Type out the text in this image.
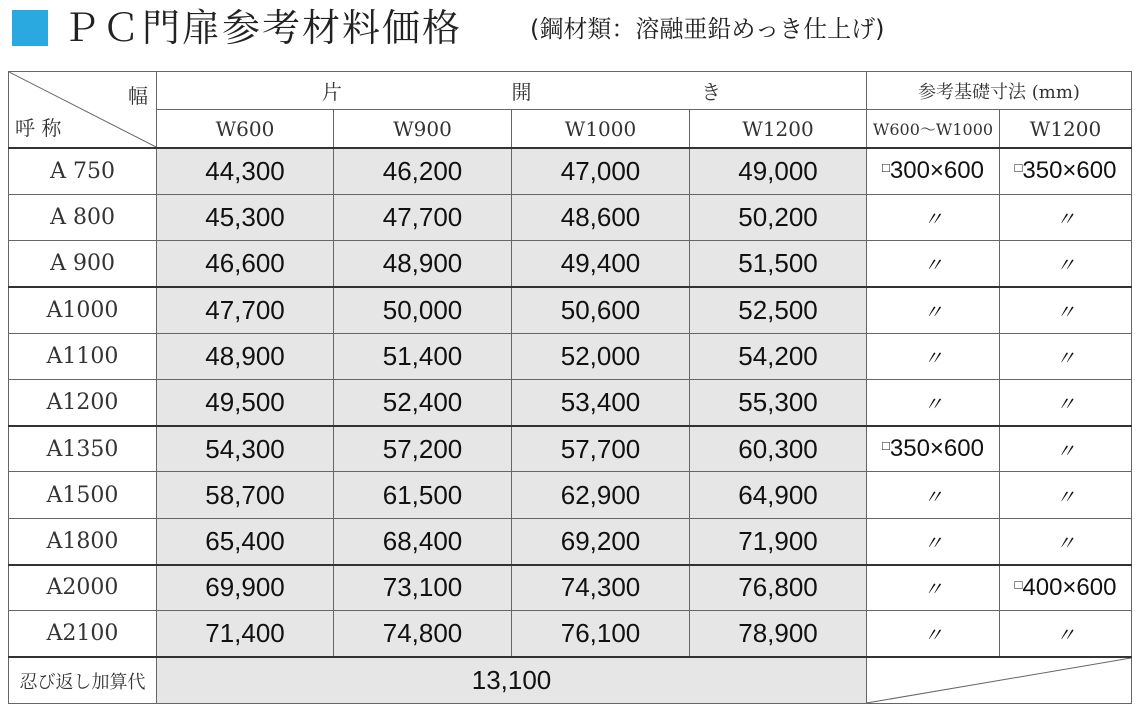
ＰＣ門扉参考材料価格	(鋼材類：溶融亜鉛めっき仕上げ)
幅
呼 称	片 開 き				参考基礎寸法 (mm)	
	W600	W900	W1000	W1200	W600〜W1000	W1200
A 750	44,300	46,200	47,000	49,000	□300×600	□350×600
A 800	45,300	47,700	48,600	50,200	〃	〃
A 900	46,600	48,900	49,400	51,500	〃	〃
A1000	47,700	50,000	50,600	52,500	〃	〃
A1100	48,900	51,400	52,000	54,200	〃	〃
A1200	49,500	52,400	53,400	55,300	〃	〃
A1350	54,300	57,200	57,700	60,300	□350×600	〃
A1500	58,700	61,500	62,900	64,900	〃	〃
A1800	65,400	68,400	69,200	71,900	〃	〃
A2000	69,900	73,100	74,300	76,800	〃	□400×600
A2100	71,400	74,800	76,100	78,900	〃	〃
忍び返し加算代	13,100	
